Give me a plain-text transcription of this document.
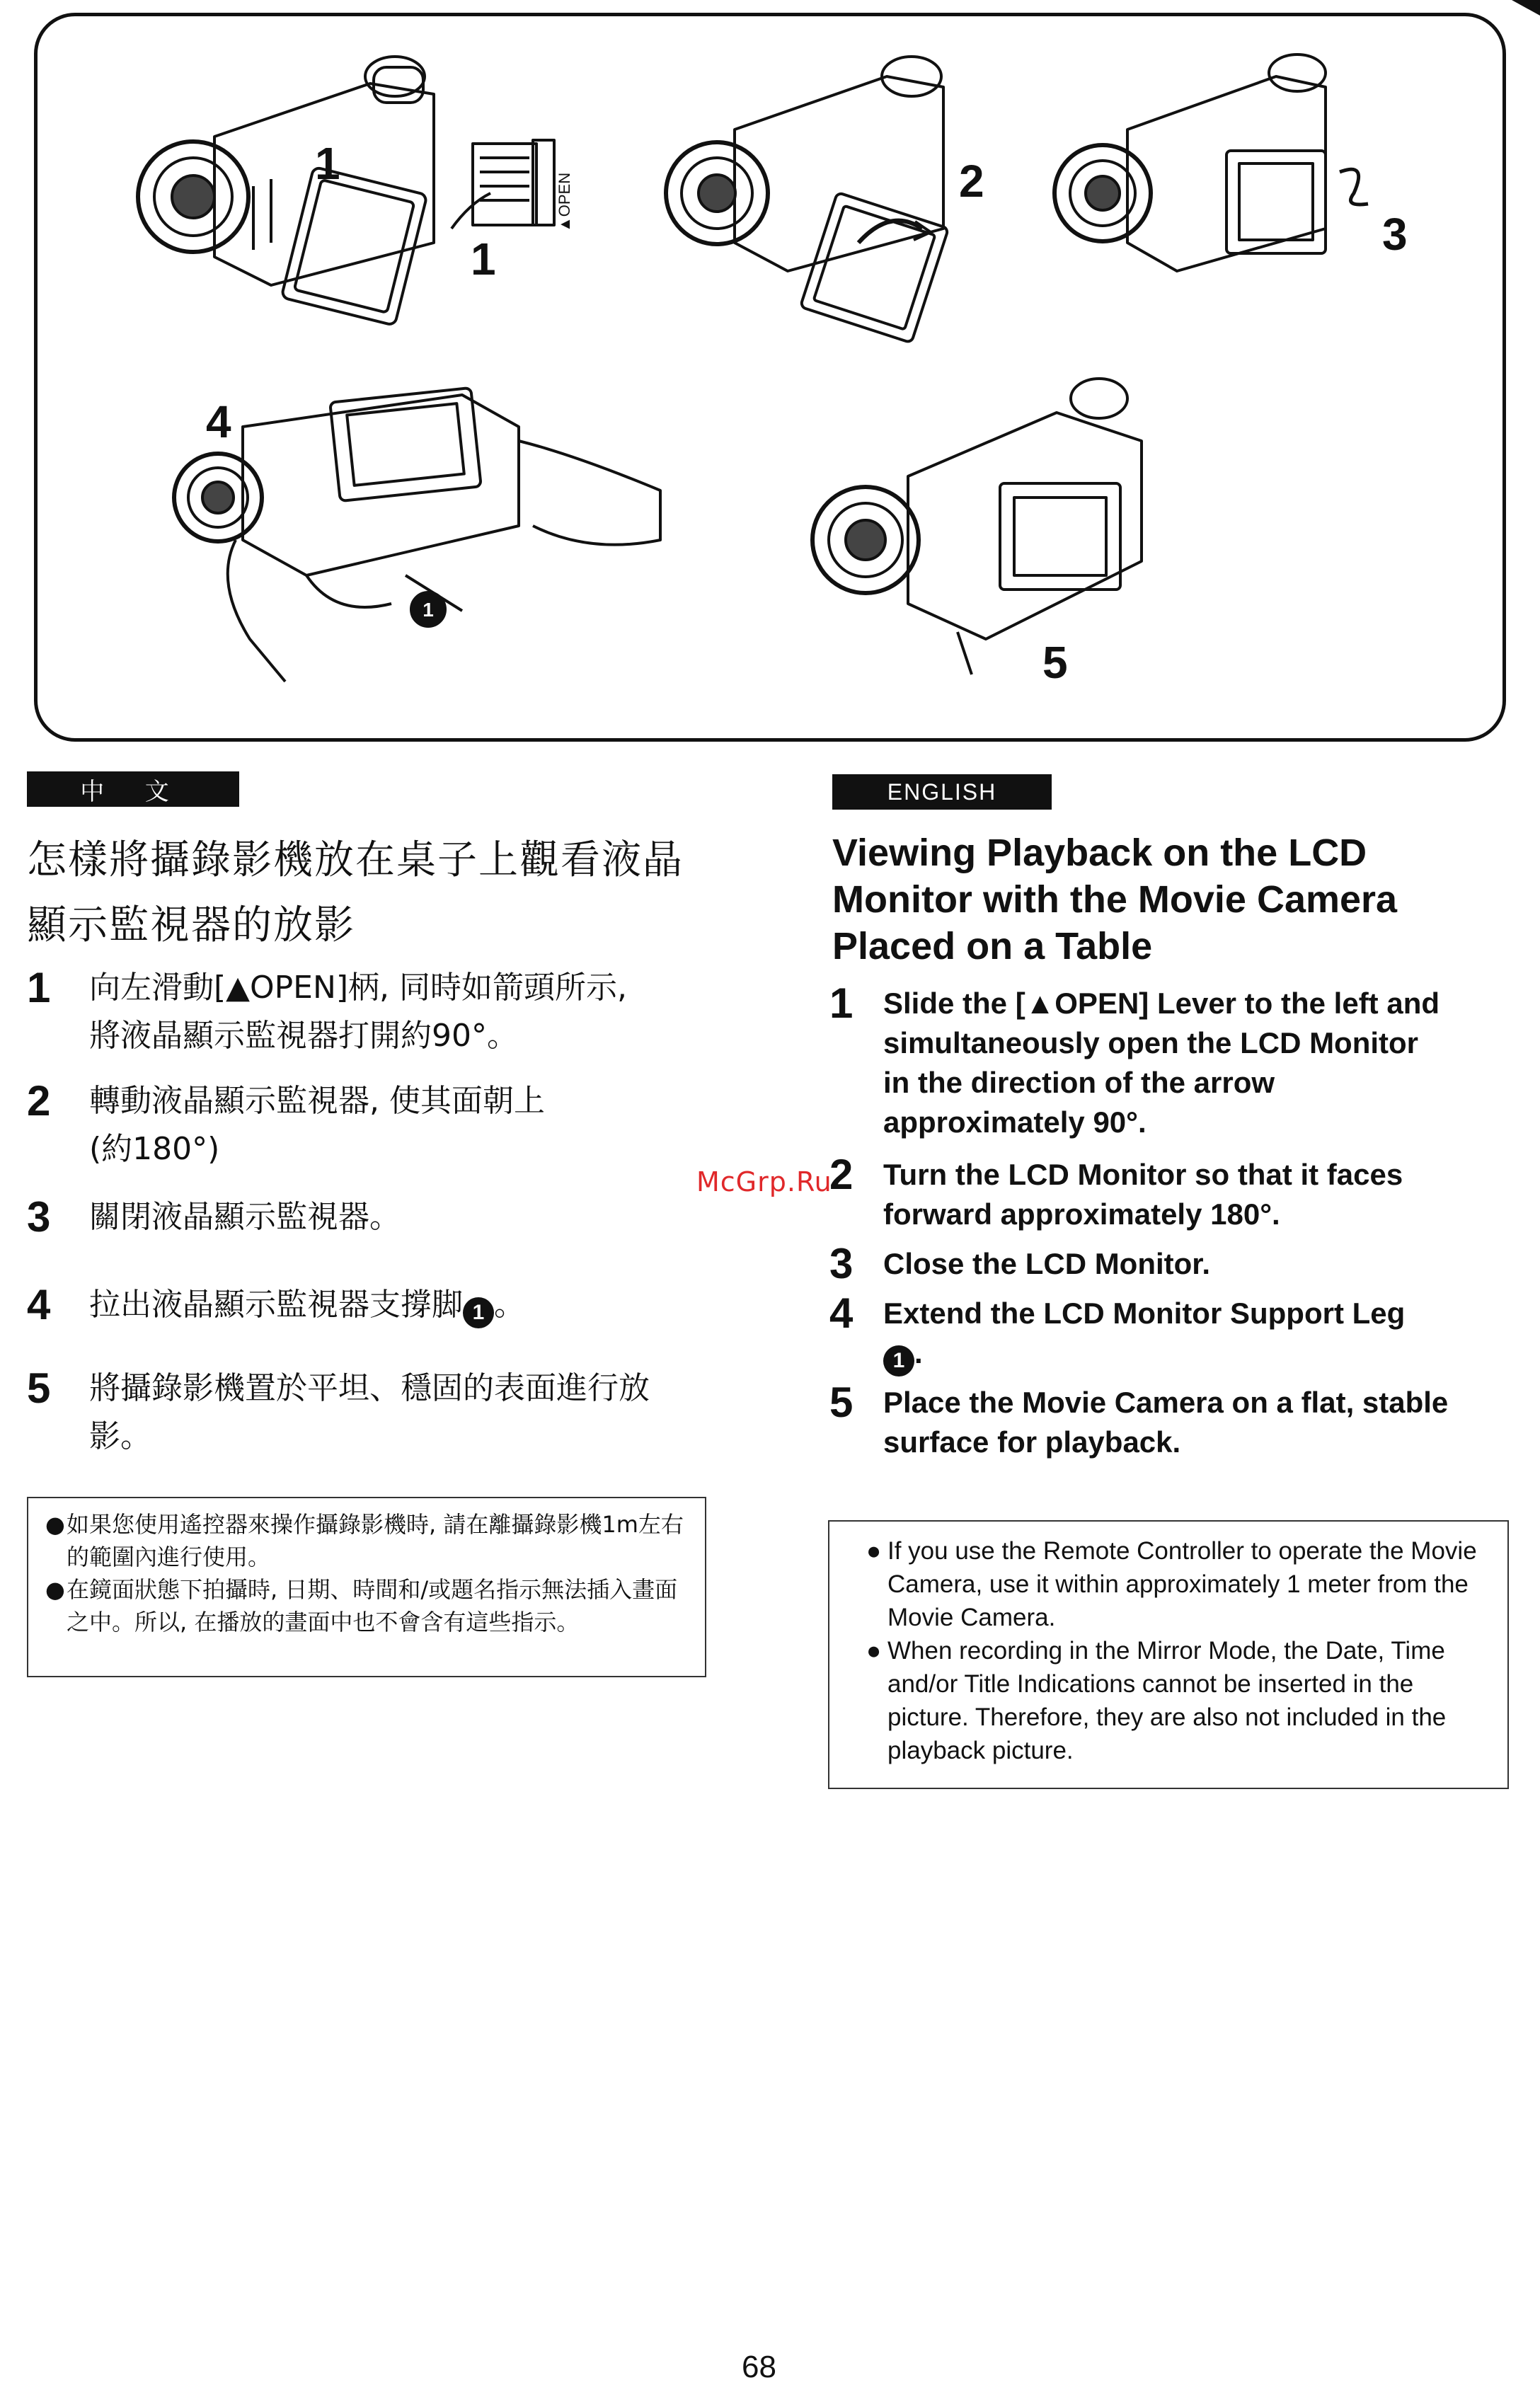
1
1
2
3
4
5
▲OPEN
1
中 文
怎樣將攝錄影機放在桌子上觀看液晶
顯示監視器的放影
1	向左滑動[▲OPEN]柄, 同時如箭頭所示,
將液晶顯示監視器打開約90°。
2	轉動液晶顯示監視器, 使其面朝上
(約180°)
3	關閉液晶顯示監視器。
4	拉出液晶顯示監視器支撐脚 1 。
5	將攝錄影機置於平坦、穩固的表面進行放
影。
● 如果您使用遙控器來操作攝錄影機時, 請在離攝錄影機1m左右的範圍內進行使用。
● 在鏡面狀態下拍攝時, 日期、時間和/或題名指示無法插入畫面之中。所以, 在播放的畫面中也不會含有這些指示。
ENGLISH
Viewing Playback on the LCD
Monitor with the Movie Camera
Placed on a Table
1	Slide the [▲OPEN] Lever to the left and
simultaneously open the LCD Monitor
in the direction of the arrow
approximately 90°.
2	Turn the LCD Monitor so that it faces
forward approximately 180°.
3	Close the LCD Monitor.
4	Extend the LCD Monitor Support Leg
1 .
5	Place the Movie Camera on a flat, stable
surface for playback.
● If you use the Remote Controller to operate the Movie Camera, use it within approximately 1 meter from the Movie Camera.
● When recording in the Mirror Mode, the Date, Time and/or Title Indications cannot be inserted in the picture. Therefore, they are also not included in the playback picture.
McGrp.Ru
68
